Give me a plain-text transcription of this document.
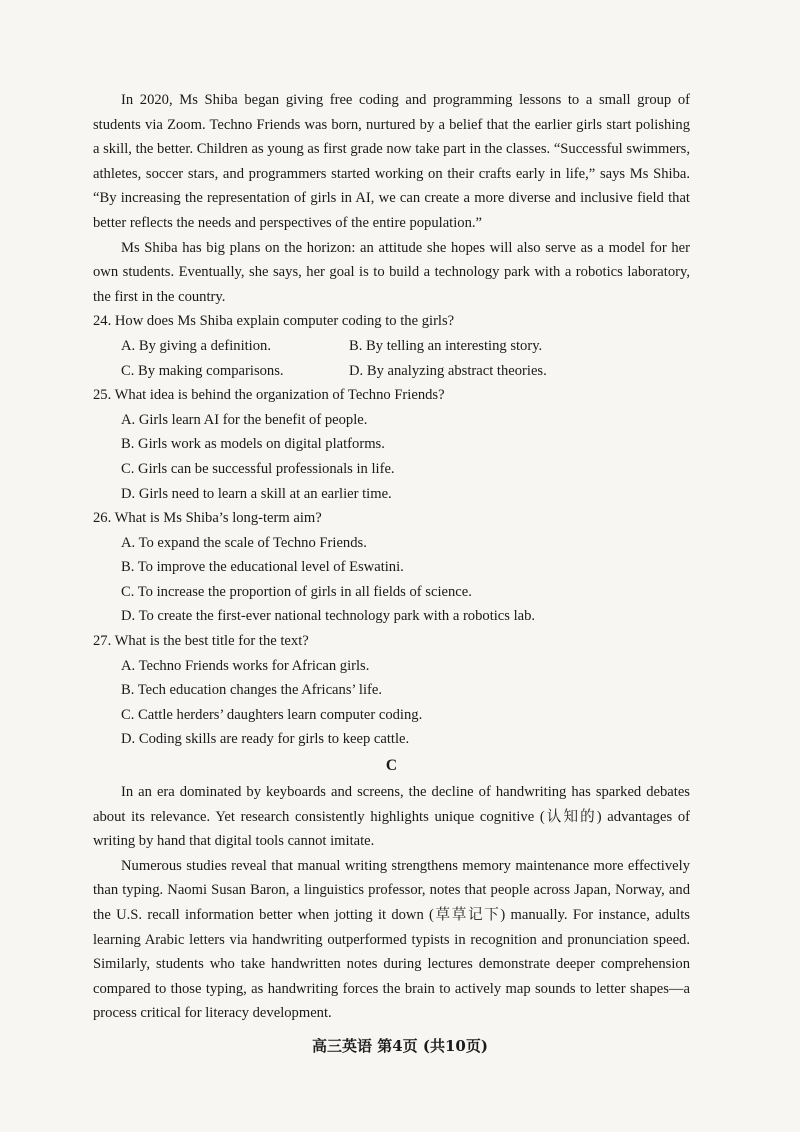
In 2020, Ms Shiba began giving free coding and programming lessons to a small group of students via Zoom. Techno Friends was born, nurtured by a belief that the earlier girls start polishing a skill, the better. Children as young as first grade now take part in the classes. “Successful swimmers, athletes, soccer stars, and programmers started working on their crafts early in life,” says Ms Shiba. “By increasing the representation of girls in AI, we can create a more diverse and inclusive field that better reflects the needs and perspectives of the entire population.”

Ms Shiba has big plans on the horizon: an attitude she hopes will also serve as a model for her own students. Eventually, she says, her goal is to build a technology park with a robotics laboratory, the first in the country.

24. How does Ms Shiba explain computer coding to the girls?

A. By giving a definition.	B. By telling an interesting story.

C. By making comparisons.	D. By analyzing abstract theories.

25. What idea is behind the organization of Techno Friends?

A. Girls learn AI for the benefit of people.

B. Girls work as models on digital platforms.

C. Girls can be successful professionals in life.

D. Girls need to learn a skill at an earlier time.

26. What is Ms Shiba’s long-term aim?

A. To expand the scale of Techno Friends.

B. To improve the educational level of Eswatini.

C. To increase the proportion of girls in all fields of science.

D. To create the first-ever national technology park with a robotics lab.

27. What is the best title for the text?

A. Techno Friends works for African girls.

B. Tech education changes the Africans’ life.

C. Cattle herders’ daughters learn computer coding.

D. Coding skills are ready for girls to keep cattle.

C

In an era dominated by keyboards and screens, the decline of handwriting has sparked debates about its relevance. Yet research consistently highlights unique cognitive (认知的) advantages of writing by hand that digital tools cannot imitate.

Numerous studies reveal that manual writing strengthens memory maintenance more effectively than typing. Naomi Susan Baron, a linguistics professor, notes that people across Japan, Norway, and the U.S. recall information better when jotting it down (草草记下) manually. For instance, adults learning Arabic letters via handwriting outperformed typists in recognition and pronunciation speed. Similarly, students who take handwritten notes during lectures demonstrate deeper comprehension compared to those typing, as handwriting forces the brain to actively map sounds to letter shapes—a process critical for literacy development.

高三英语 第4页 (共10页)
